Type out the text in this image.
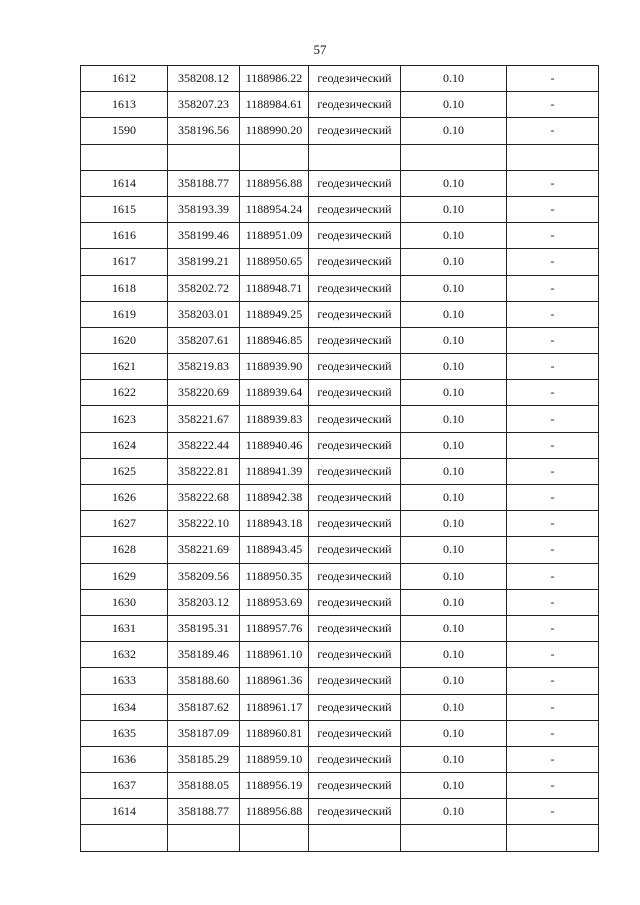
57
1612	358208.12	1188986.22	геодезический	0.10	-
1613	358207.23	1188984.61	геодезический	0.10	-
1590	358196.56	1188990.20	геодезический	0.10	-

1614	358188.77	1188956.88	геодезический	0.10	-
1615	358193.39	1188954.24	геодезический	0.10	-
1616	358199.46	1188951.09	геодезический	0.10	-
1617	358199.21	1188950.65	геодезический	0.10	-
1618	358202.72	1188948.71	геодезический	0.10	-
1619	358203.01	1188949.25	геодезический	0.10	-
1620	358207.61	1188946.85	геодезический	0.10	-
1621	358219.83	1188939.90	геодезический	0.10	-
1622	358220.69	1188939.64	геодезический	0.10	-
1623	358221.67	1188939.83	геодезический	0.10	-
1624	358222.44	1188940.46	геодезический	0.10	-
1625	358222.81	1188941.39	геодезический	0.10	-
1626	358222.68	1188942.38	геодезический	0.10	-
1627	358222.10	1188943.18	геодезический	0.10	-
1628	358221.69	1188943.45	геодезический	0.10	-
1629	358209.56	1188950.35	геодезический	0.10	-
1630	358203.12	1188953.69	геодезический	0.10	-
1631	358195.31	1188957.76	геодезический	0.10	-
1632	358189.46	1188961.10	геодезический	0.10	-
1633	358188.60	1188961.36	геодезический	0.10	-
1634	358187.62	1188961.17	геодезический	0.10	-
1635	358187.09	1188960.81	геодезический	0.10	-
1636	358185.29	1188959.10	геодезический	0.10	-
1637	358188.05	1188956.19	геодезический	0.10	-
1614	358188.77	1188956.88	геодезический	0.10	-
